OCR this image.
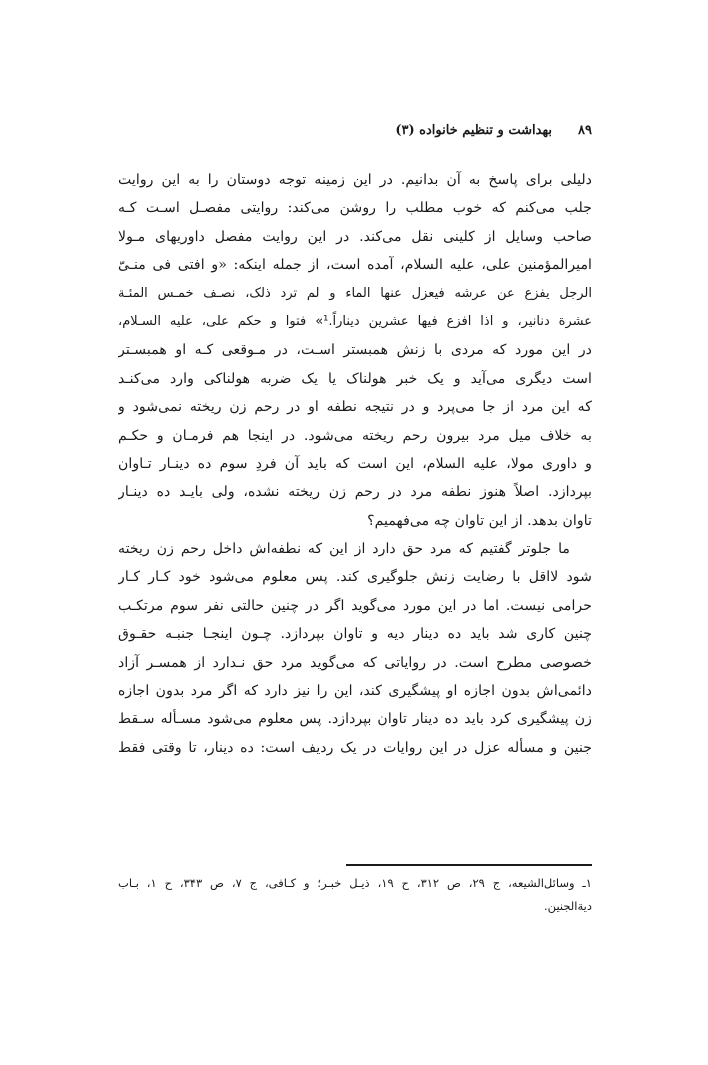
۸۹
بهداشت و تنظیم خانواده (۳)
دلیلی برای پاسخ به آن بدانیم. در این زمینه توجه دوستان را به این روایت
جلب می‌کنم که خوب مطلب را روشن می‌کند: روایتی مفصـل اسـت کـه
صاحب وسایل از کلینی نقل می‌کند. در این روایت مفصل داوریهای مـولا
امیرالمؤمنین علی، علیه السلام، آمده است، از جمله اینکه: «و افتی فی منـیّ
الرجل یفزع عن عرشه فیعزل عنها الماء و لم ترد ذلک، نصـف خمـس المئـة
عشرة دنانیر، و اذا افزع فیها عشرین دیناراً.¹» فتوا و حکم علی، علیه السـلام،
در این مورد که مردی با زنش همبستر اسـت، در مـوقعی کـه او همبسـتر
است دیگری می‌آید و یک خبر هولناک یا یک ضربه هولناکی وارد می‌کنـد
که این مرد از جا می‌پرد و در نتیجه نطفه او در رحم زن ریخته نمی‌شود و
به خلاف میل مرد بیرون رحم ریخته می‌شود. در اینجا هم فرمـان و حکـم
و داوری مولا، علیه السلام، این است که باید آن فردِ سوم ده دینـار تـاوان
بپردازد. اصلاً هنوز نطفه مرد در رحم زن ریخته نشده، ولی بایـد ده دینـار
تاوان بدهد. از این تاوان چه می‌فهمیم؟
ما جلوتر گفتیم که مرد حق دارد از این که نطفه‌اش داخل رحم زن ریخته
شود لااقل با رضایت زنش جلوگیری کند. پس معلوم می‌شود خود کـار کـار
حرامی نیست. اما در این مورد می‌گوید اگر در چنین حالتی نفر سوم مرتکـب
چنین کاری شد باید ده دینار دیه و تاوان بپردازد. چـون اینجـا جنبـه حقـوق
خصوصی مطرح است. در روایاتی که می‌گوید مرد حق نـدارد از همسـر آزاد
دائمی‌اش بدون اجازه او پیشگیری کند، این را نیز دارد که اگر مرد بدون اجازه
زن پیشگیری کرد باید ده دینار تاوان بپردازد. پس معلوم می‌شود مسـأله سـقط
جنین و مسأله عزل در این روایات در یک ردیف است: ده دینار، تا وقتی فقط
۱ـ وسائل‌الشیعه، ج ۲۹، ص ۳۱۲، ح ۱۹، ذیـل خبـر؛ و کـافی، ج ۷، ص ۳۴۳، ح ۱، بـاب
دیةالجنین.
